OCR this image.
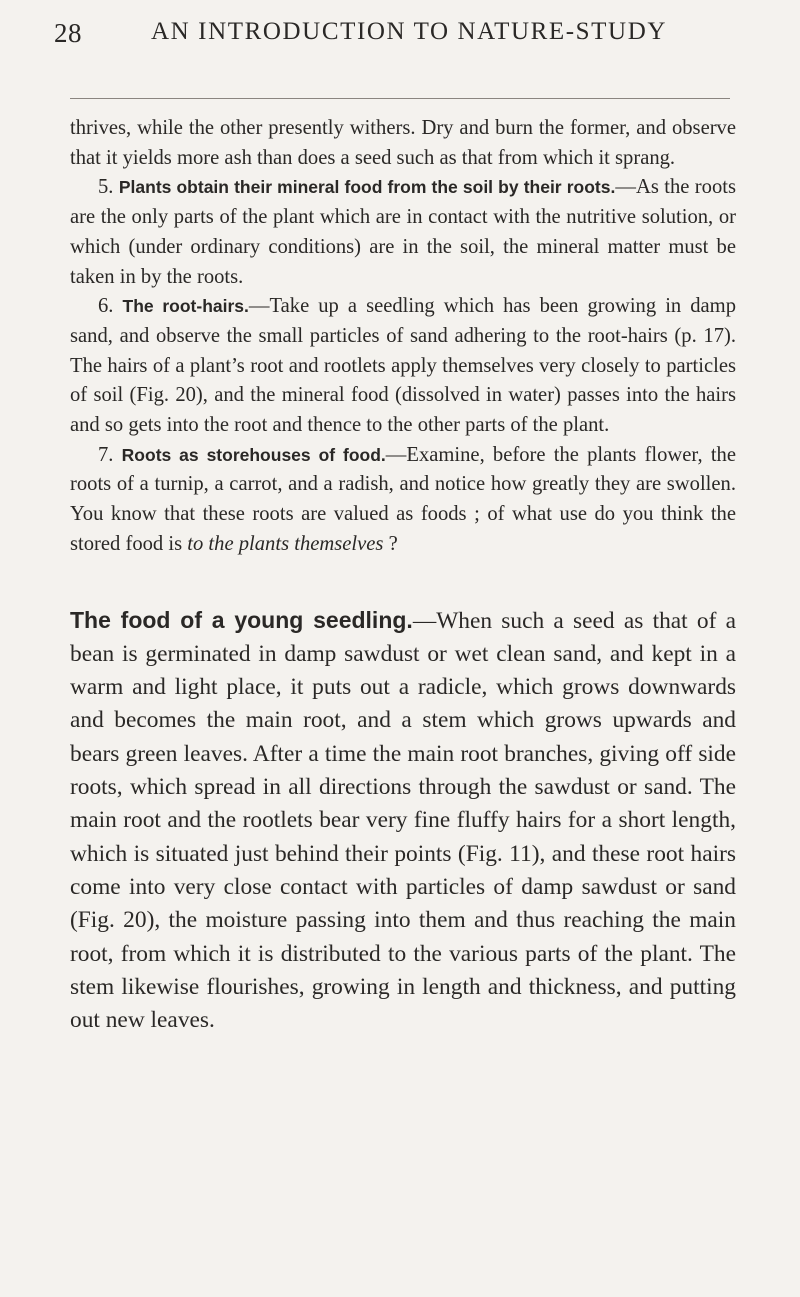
28	AN INTRODUCTION TO NATURE-STUDY

thrives, while the other presently withers. Dry and burn the former, and observe that it yields more ash than does a seed such as that from which it sprang.

5. Plants obtain their mineral food from the soil by their roots.—As the roots are the only parts of the plant which are in contact with the nutritive solution, or which (under ordinary conditions) are in the soil, the mineral matter must be taken in by the roots.

6. The root-hairs.—Take up a seedling which has been growing in damp sand, and observe the small particles of sand adhering to the root-hairs (p. 17). The hairs of a plant’s root and rootlets apply themselves very closely to particles of soil (Fig. 20), and the mineral food (dissolved in water) passes into the hairs and so gets into the root and thence to the other parts of the plant.

7. Roots as storehouses of food.—Examine, before the plants flower, the roots of a turnip, a carrot, and a radish, and notice how greatly they are swollen. You know that these roots are valued as foods ; of what use do you think the stored food is to the plants themselves ?

The food of a young seedling.—When such a seed as that of a bean is germinated in damp sawdust or wet clean sand, and kept in a warm and light place, it puts out a radicle, which grows downwards and becomes the main root, and a stem which grows upwards and bears green leaves. After a time the main root branches, giving off side roots, which spread in all directions through the sawdust or sand. The main root and the rootlets bear very fine fluffy hairs for a short length, which is situated just behind their points (Fig. 11), and these root hairs come into very close contact with particles of damp sawdust or sand (Fig. 20), the moisture passing into them and thus reaching the main root, from which it is distributed to the various parts of the plant. The stem likewise flourishes, growing in length and thickness, and putting out new leaves.
